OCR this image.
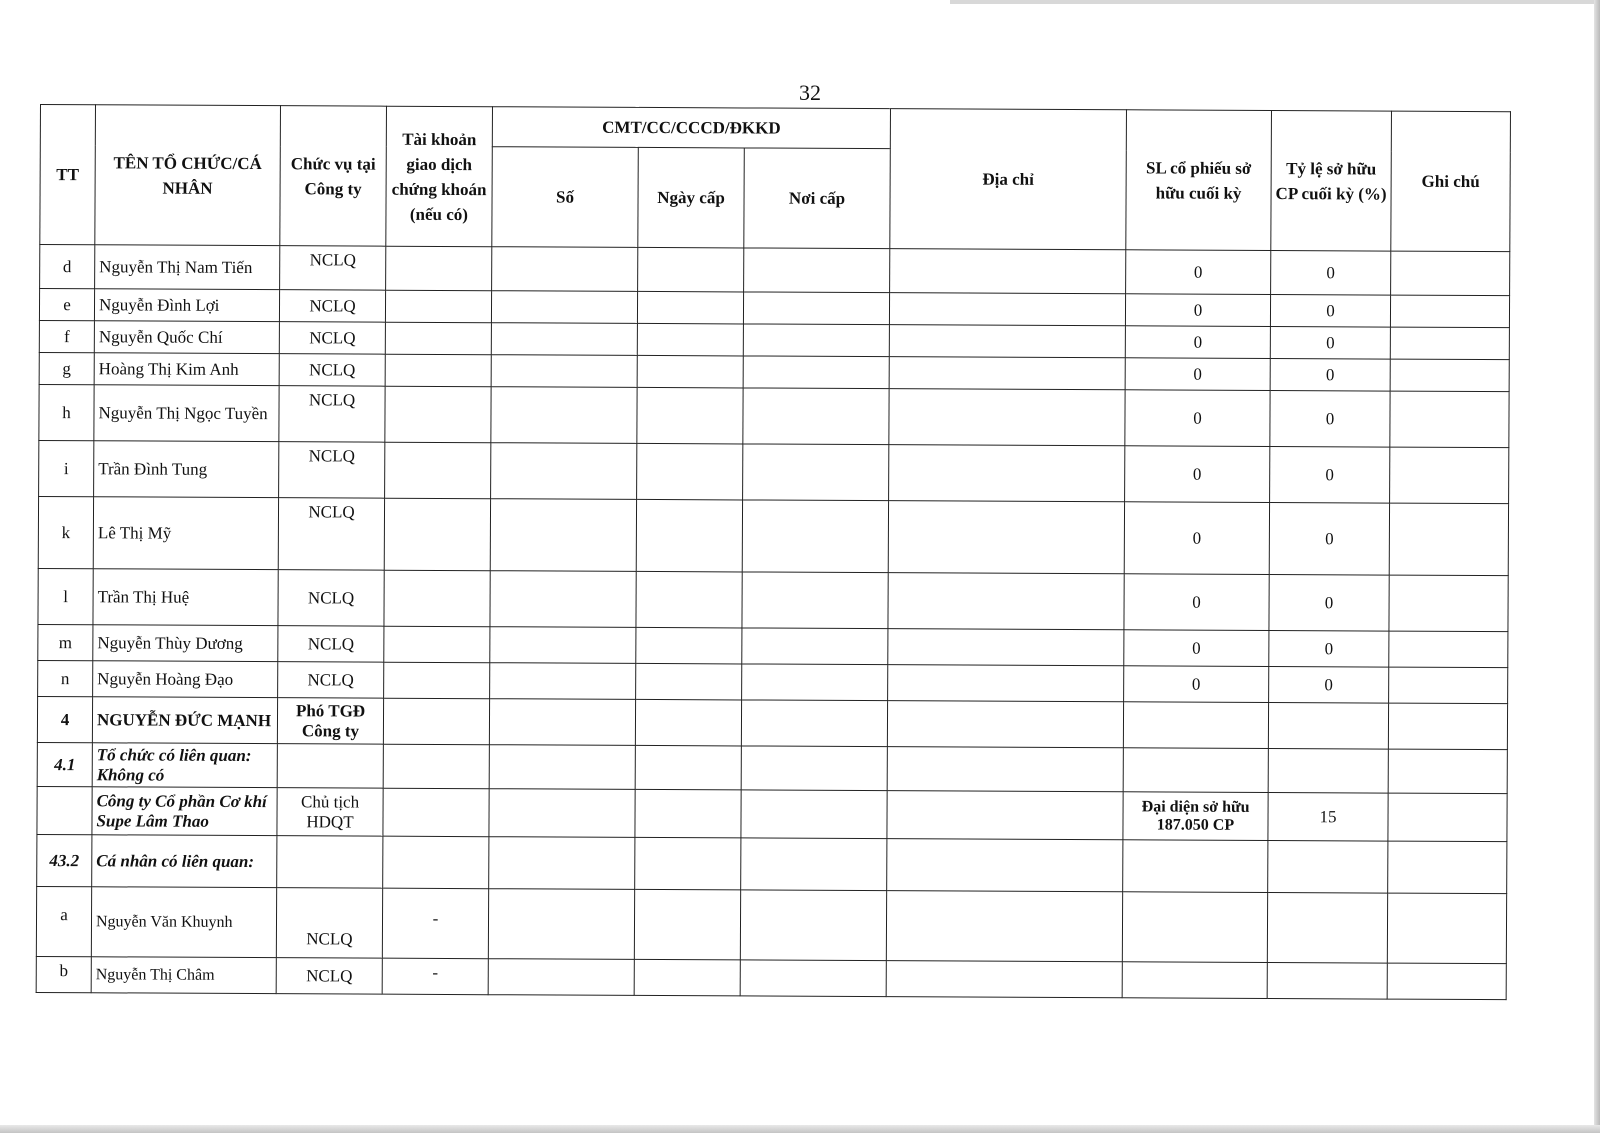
32
TT	TÊN TỔ CHỨC/CÁ NHÂN	Chức vụ tại Công ty	Tài khoản giao dịch chứng khoán (nếu có)	CMT/CC/CCCD/ĐKKD			Địa chỉ	SL cổ phiếu sở hữu cuối kỳ	Tỷ lệ sở hữu CP cuối kỳ (%)	Ghi chú
				Số	Ngày cấp	Nơi cấp				
d	Nguyễn Thị Nam Tiến	NCLQ						0	0	
e	Nguyễn Đình Lợi	NCLQ						0	0	
f	Nguyễn Quốc Chí	NCLQ						0	0	
g	Hoàng Thị Kim Anh	NCLQ						0	0	
h	Nguyễn Thị Ngọc Tuyền	NCLQ						0	0	
i	Trần Đình Tung	NCLQ						0	0	
k	Lê Thị Mỹ	NCLQ						0	0	
l	Trần Thị Huệ	NCLQ						0	0	
m	Nguyễn Thùy Dương	NCLQ						0	0	
n	Nguyễn Hoàng Đạo	NCLQ						0	0	
4	NGUYỄN ĐỨC MẠNH	Phó TGĐ Công ty								
4.1	Tổ chức có liên quan: Không có									
	Công ty Cổ phần Cơ khí Supe Lâm Thao	Chủ tịch HDQT						Đại diện sở hữu 187.050 CP	15	
43.2	Cá nhân có liên quan:									
a	Nguyễn Văn Khuynh	NCLQ	-							
b	Nguyễn Thị Châm	NCLQ	-							
